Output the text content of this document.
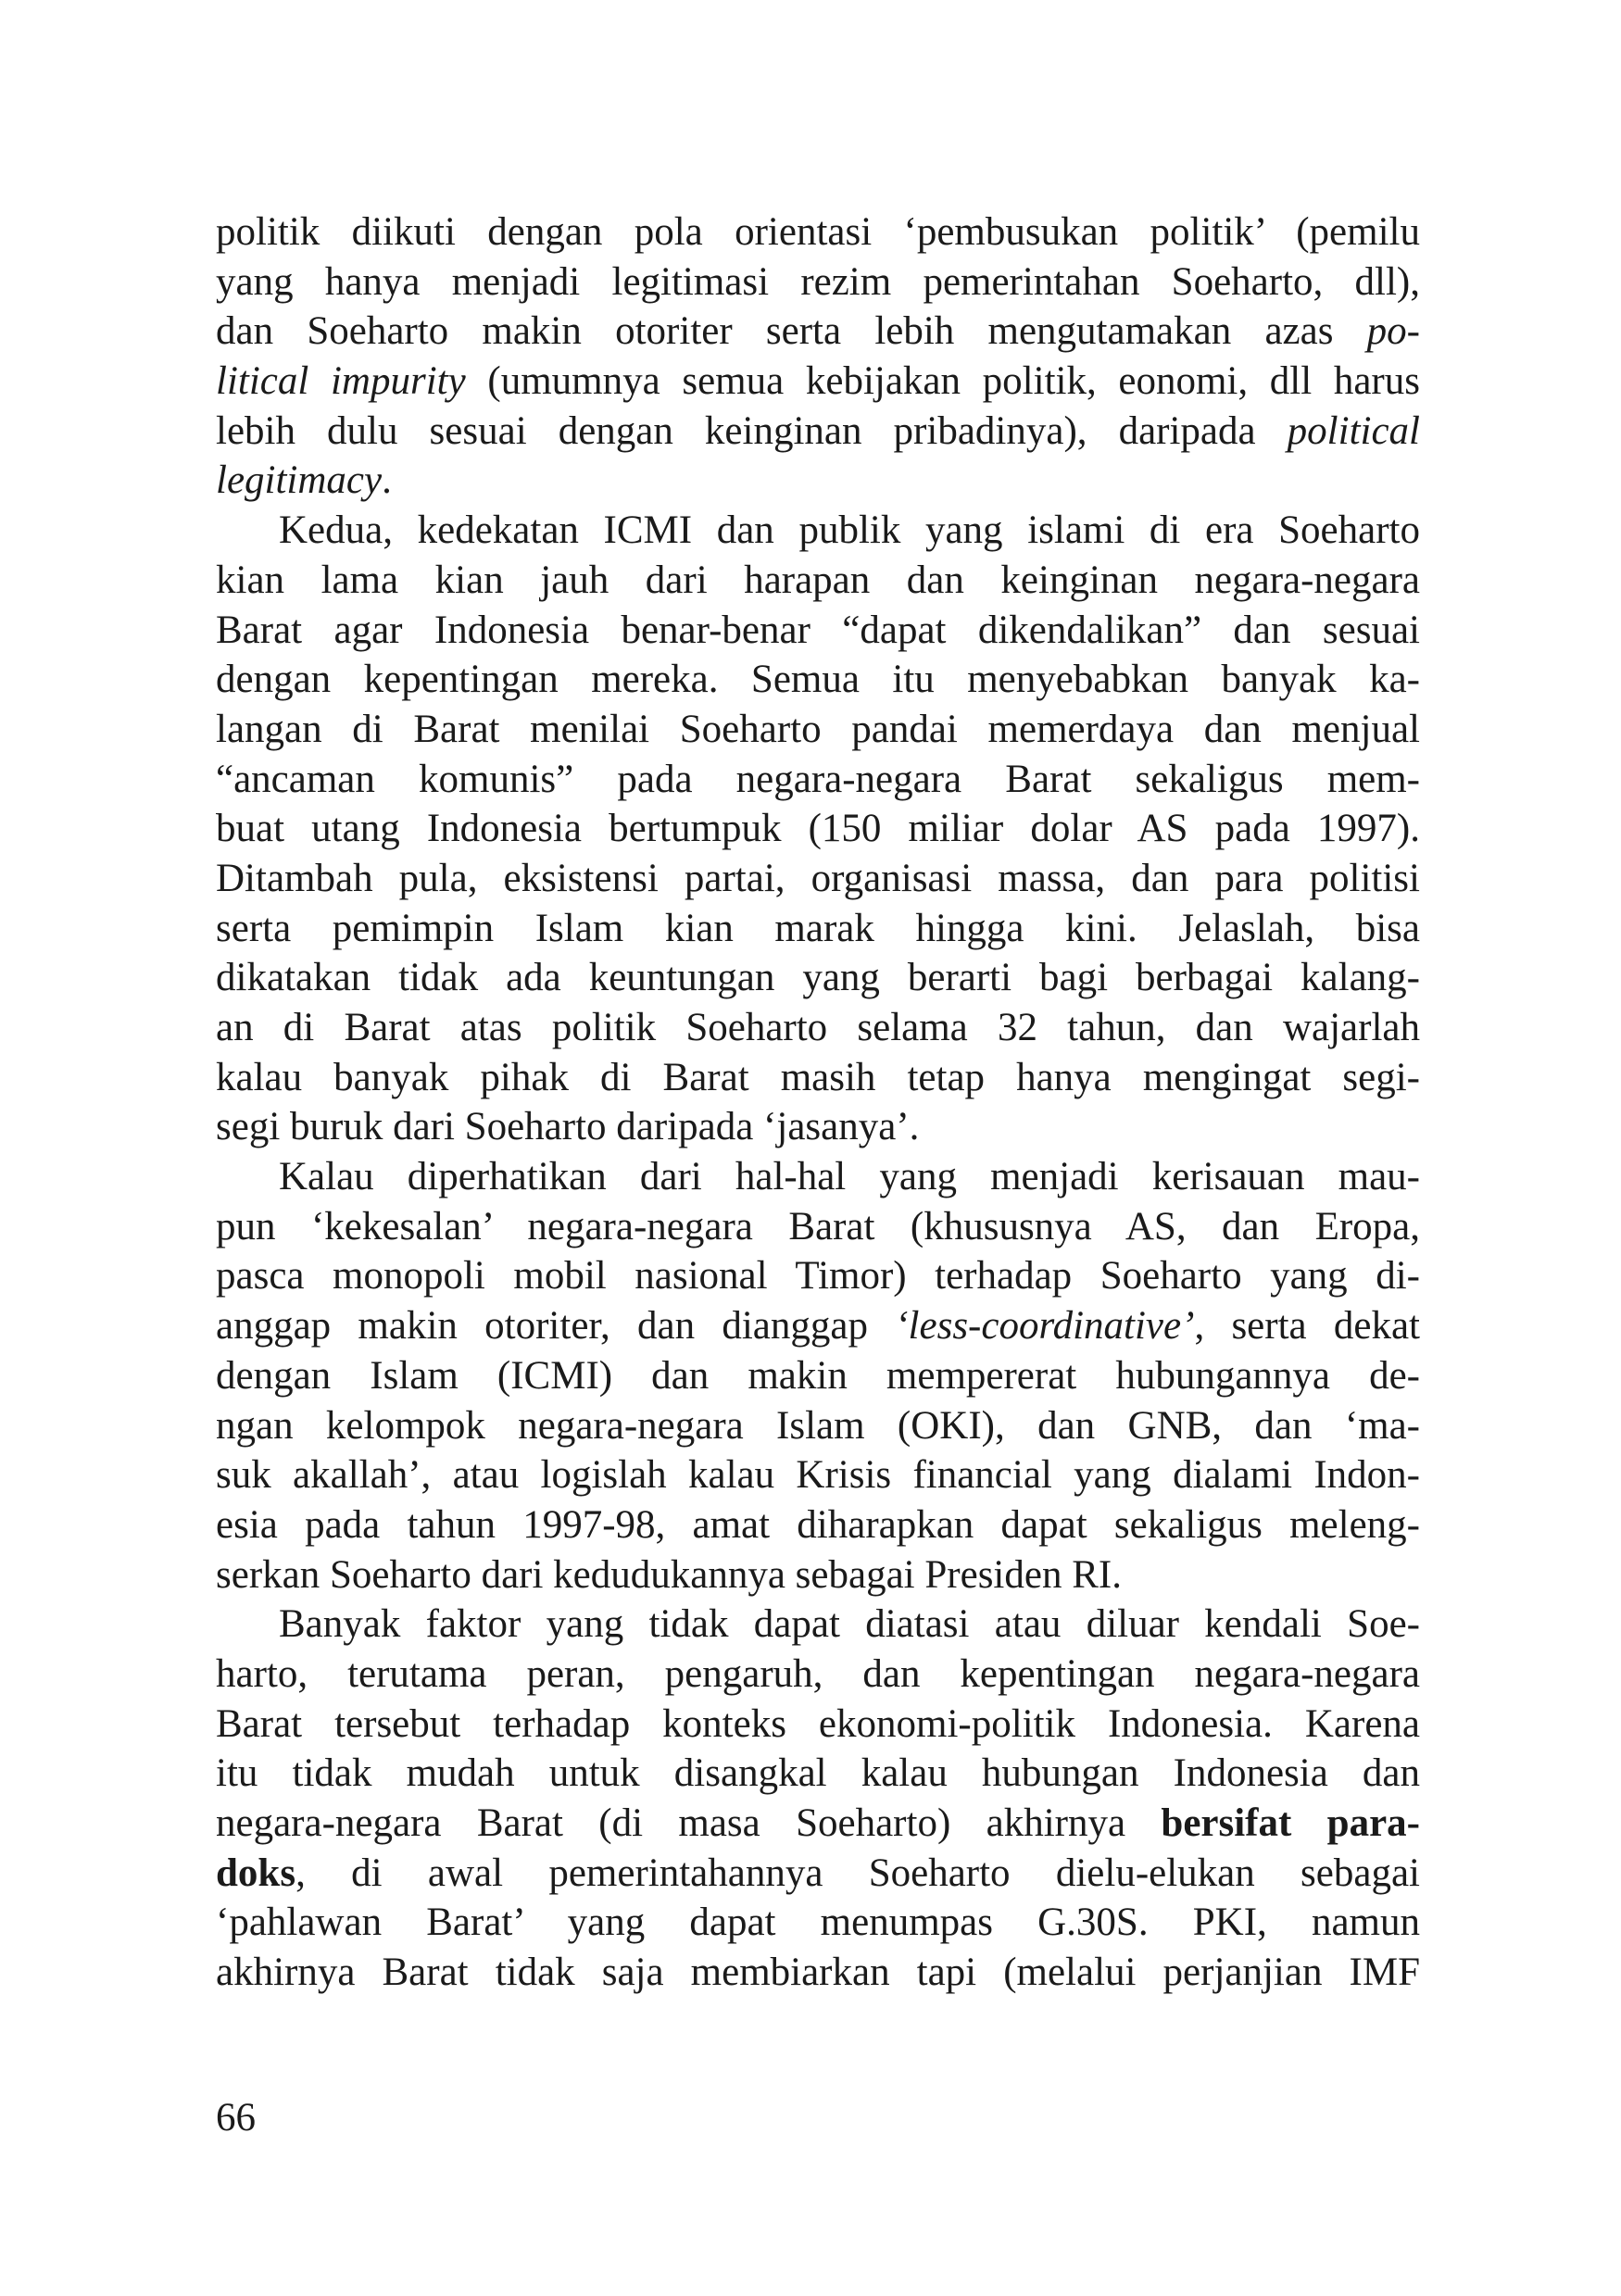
politik diikuti dengan pola orientasi ‘pembusukan politik’ (pemilu
yang hanya menjadi legitimasi rezim pemerintahan Soeharto, dll),
dan Soeharto makin otoriter serta lebih mengutamakan azas po-
litical impurity (umumnya semua kebijakan politik, eonomi, dll harus
lebih dulu sesuai dengan keinginan pribadinya), daripada political
legitimacy.
Kedua, kedekatan ICMI dan publik yang islami di era Soeharto
kian lama kian jauh dari harapan dan keinginan negara-negara
Barat agar Indonesia benar-benar “dapat dikendalikan” dan sesuai
dengan kepentingan mereka. Semua itu menyebabkan banyak ka-
langan di Barat menilai Soeharto pandai memerdaya dan menjual
“ancaman komunis” pada negara-negara Barat sekaligus mem-
buat utang Indonesia bertumpuk (150 miliar dolar AS pada 1997).
Ditambah pula, eksistensi partai, organisasi massa, dan para politisi
serta pemimpin Islam kian marak hingga kini. Jelaslah, bisa
dikatakan tidak ada keuntungan yang berarti bagi berbagai kalang-
an di Barat atas politik Soeharto selama 32 tahun, dan wajarlah
kalau banyak pihak di Barat masih tetap hanya mengingat segi-
segi buruk dari Soeharto daripada ‘jasanya’.
Kalau diperhatikan dari hal-hal yang menjadi kerisauan mau-
pun ‘kekesalan’ negara-negara Barat (khususnya AS, dan Eropa,
pasca monopoli mobil nasional Timor) terhadap Soeharto yang di-
anggap makin otoriter, dan dianggap ‘less-coordinative’, serta dekat
dengan Islam (ICMI) dan makin mempererat hubungannya de-
ngan kelompok negara-negara Islam (OKI), dan GNB, dan ‘ma-
suk akallah’, atau logislah kalau Krisis financial yang dialami Indon-
esia pada tahun 1997-98, amat diharapkan dapat sekaligus meleng-
serkan Soeharto dari kedudukannya sebagai Presiden RI.
Banyak faktor yang tidak dapat diatasi atau diluar kendali Soe-
harto, terutama peran, pengaruh, dan kepentingan negara-negara
Barat tersebut terhadap konteks ekonomi-politik Indonesia. Karena
itu tidak mudah untuk disangkal kalau hubungan Indonesia dan
negara-negara Barat (di masa Soeharto) akhirnya bersifat para-
doks, di awal pemerintahannya Soeharto dielu-elukan sebagai
‘pahlawan Barat’ yang dapat menumpas G.30S. PKI, namun
akhirnya Barat tidak saja membiarkan tapi (melalui perjanjian IMF
66
